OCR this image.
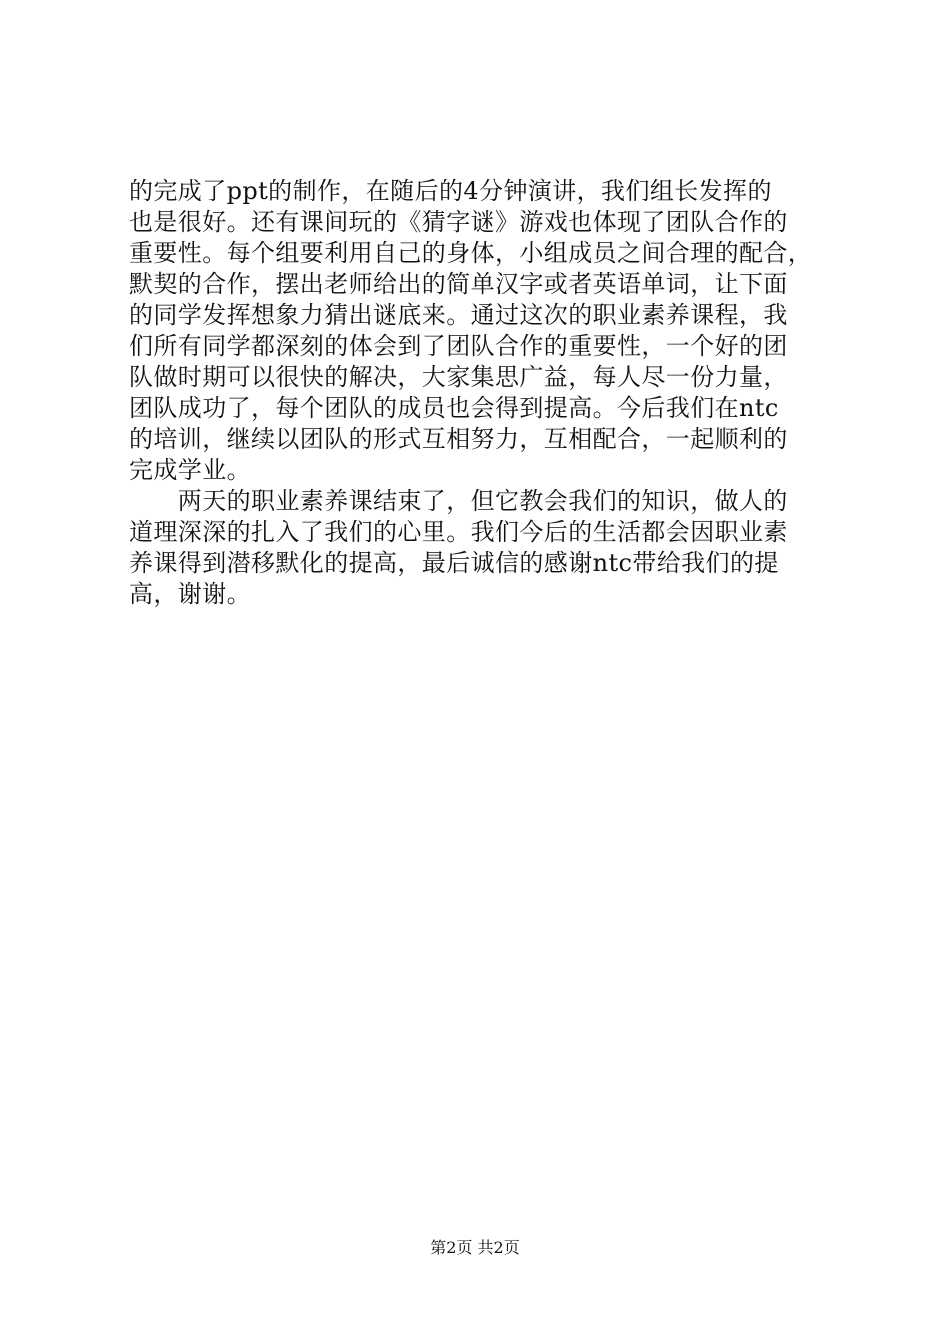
的完成了ppt的制作，在随后的4分钟演讲，我们组长发挥的
也是很好。还有课间玩的《猜字谜》游戏也体现了团队合作的
重要性。每个组要利用自己的身体，小组成员之间合理的配合，
默契的合作，摆出老师给出的简单汉字或者英语单词，让下面
的同学发挥想象力猜出谜底来。通过这次的职业素养课程，我
们所有同学都深刻的体会到了团队合作的重要性，一个好的团
队做时期可以很快的解决，大家集思广益，每人尽一份力量，
团队成功了，每个团队的成员也会得到提高。今后我们在ntc
的培训，继续以团队的形式互相努力，互相配合，一起顺利的
完成学业。
　　两天的职业素养课结束了，但它教会我们的知识，做人的
道理深深的扎入了我们的心里。我们今后的生活都会因职业素
养课得到潜移默化的提高，最后诚信的感谢ntc带给我们的提
高，谢谢。
第2页 共2页
